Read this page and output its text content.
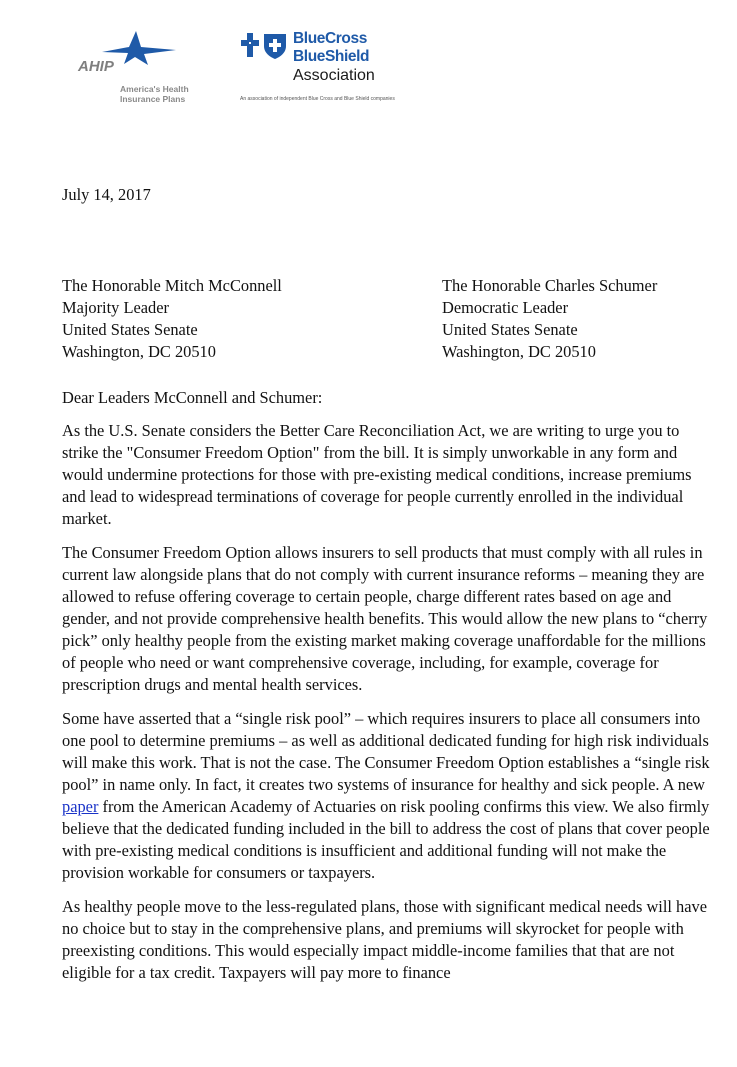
AHIP
America's Health
Insurance Plans
BlueCross
BlueShield
Association
An association of independent Blue Cross and Blue Shield companies
July 14, 2017
The Honorable Mitch McConnell
Majority Leader
United States Senate
Washington, DC 20510
The Honorable Charles Schumer
Democratic Leader
United States Senate
Washington, DC 20510
Dear Leaders McConnell and Schumer:

As the U.S. Senate considers the Better Care Reconciliation Act, we are writing to urge you to strike the "Consumer Freedom Option" from the bill. It is simply unworkable in any form and would undermine protections for those with pre-existing medical conditions, increase premiums and lead to widespread terminations of coverage for people currently enrolled in the individual market.

The Consumer Freedom Option allows insurers to sell products that must comply with all rules in current law alongside plans that do not comply with current insurance reforms – meaning they are allowed to refuse offering coverage to certain people, charge different rates based on age and gender, and not provide comprehensive health benefits. This would allow the new plans to “cherry pick” only healthy people from the existing market making coverage unaffordable for the millions of people who need or want comprehensive coverage, including, for example, coverage for prescription drugs and mental health services.

Some have asserted that a “single risk pool” – which requires insurers to place all consumers into one pool to determine premiums – as well as additional dedicated funding for high risk individuals will make this work. That is not the case. The Consumer Freedom Option establishes a “single risk pool” in name only. In fact, it creates two systems of insurance for healthy and sick people. A new paper from the American Academy of Actuaries on risk pooling confirms this view. We also firmly believe that the dedicated funding included in the bill to address the cost of plans that cover people with pre-existing medical conditions is insufficient and additional funding will not make the provision workable for consumers or taxpayers.

As healthy people move to the less-regulated plans, those with significant medical needs will have no choice but to stay in the comprehensive plans, and premiums will skyrocket for people with preexisting conditions. This would especially impact middle-income families that that are not eligible for a tax credit. Taxpayers will pay more to finance
